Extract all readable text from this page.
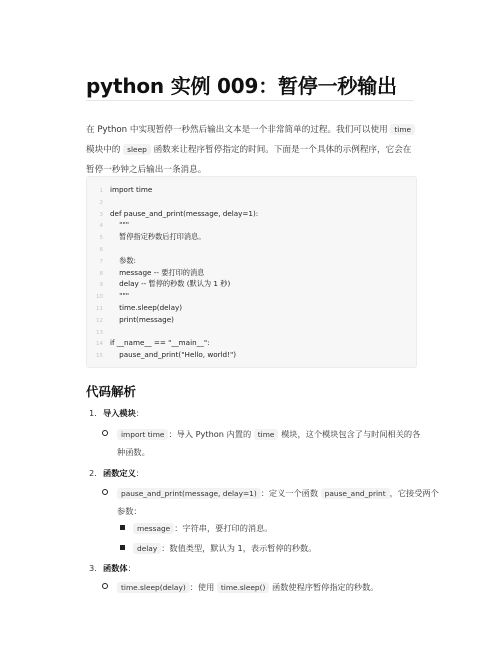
python 实例 009：暂停一秒输出
在 Python 中实现暂停一秒然后输出文本是一个非常简单的过程。我们可以使用 time 模块中的 sleep 函数来让程序暂停指定的时间。下面是一个具体的示例程序，它会在暂停一秒钟之后输出一条消息。
1 import time
2
3 def pause_and_print(message, delay=1):
4    """
5    暂停指定秒数后打印消息。
6
7    参数:
8    message -- 要打印的消息
9    delay -- 暂停的秒数 (默认为 1 秒)
10    """
11    time.sleep(delay)
12    print(message)
13
14 if __name__ == "__main__":
15    pause_and_print("Hello, world!")
代码解析
1. 导入模块：
import time ：导入 Python 内置的 time 模块，这个模块包含了与时间相关的各
种函数。
2. 函数定义：
pause_and_print(message, delay=1) ：定义一个函数 pause_and_print ，它接受两个
参数：
message ：字符串，要打印的消息。
delay ：数值类型，默认为 1，表示暂停的秒数。
3. 函数体：
time.sleep(delay) ：使用 time.sleep() 函数使程序暂停指定的秒数。
